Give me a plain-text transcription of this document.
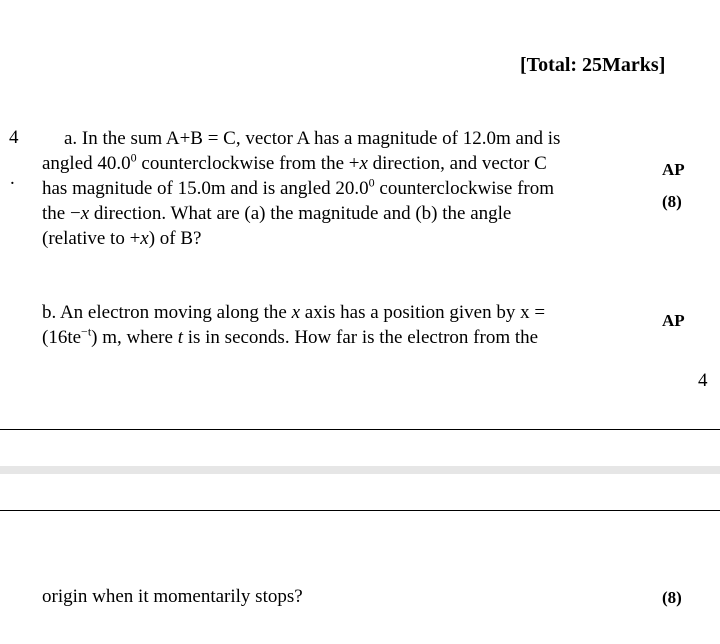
[Total: 25Marks]
4
.
a. In the sum A+B = C, vector A has a magnitude of 12.0m and is
angled 40.0$^0$ counterclockwise from the +x direction, and vector C
has magnitude of 15.0m and is angled 20.0$^0$ counterclockwise from
the −x direction. What are (a) the magnitude and (b) the angle
(relative to +x) of B?
AP
(8)
b. An electron moving along the x axis has a position given by x =
$(16te^{-t})$ m, where t is in seconds. How far is the electron from the
AP
4
origin when it momentarily stops?	(8)
